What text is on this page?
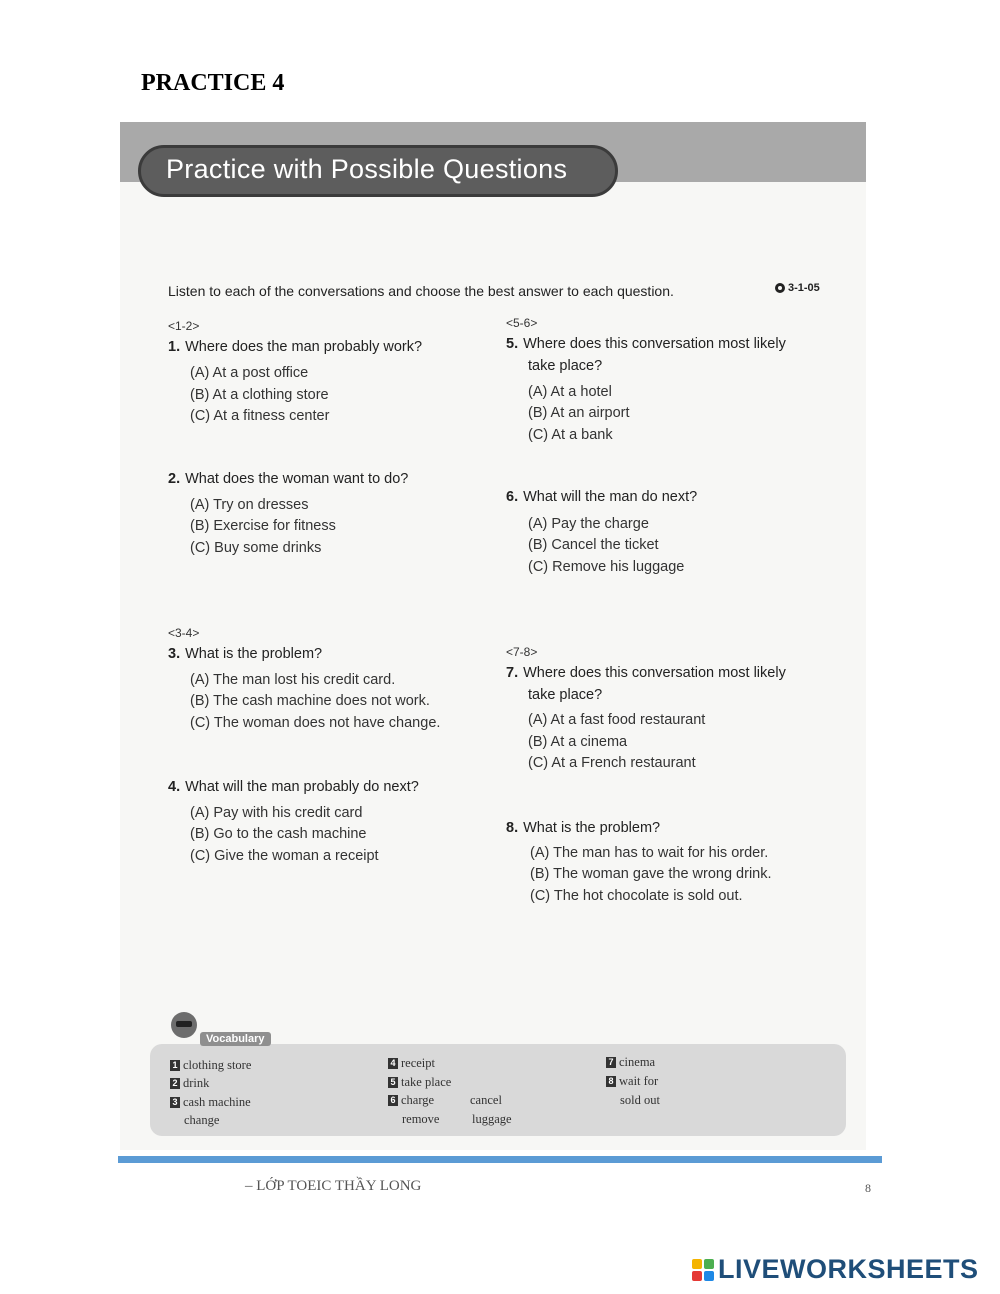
PRACTICE 4
Practice with Possible Questions
Listen to each of the conversations and choose the best answer to each question.	3-1-05
<1-2>
1. Where does the man probably work?
(A) At a post office
(B) At a clothing store
(C) At a fitness center
2. What does the woman want to do?
(A) Try on dresses
(B) Exercise for fitness
(C) Buy some drinks
<3-4>
3. What is the problem?
(A) The man lost his credit card.
(B) The cash machine does not work.
(C) The woman does not have change.
4. What will the man probably do next?
(A) Pay with his credit card
(B) Go to the cash machine
(C) Give the woman a receipt
<5-6>
5. Where does this conversation most likely
take place?
(A) At a hotel
(B) At an airport
(C) At a bank
6. What will the man do next?
(A) Pay the charge
(B) Cancel the ticket
(C) Remove his luggage
<7-8>
7. Where does this conversation most likely
take place?
(A) At a fast food restaurant
(B) At a cinema
(C) At a French restaurant
8. What is the problem?
(A) The man has to wait for his order.
(B) The woman gave the wrong drink.
(C) The hot chocolate is sold out.
Vocabulary
1 clothing store
2 drink
3 cash machine
change
4 receipt
5 take place
6 charge	cancel
remove	luggage
7 cinema
8 wait for
sold out
– LỚP TOEIC THẦY LONG	8
LIVEWORKSHEETS
